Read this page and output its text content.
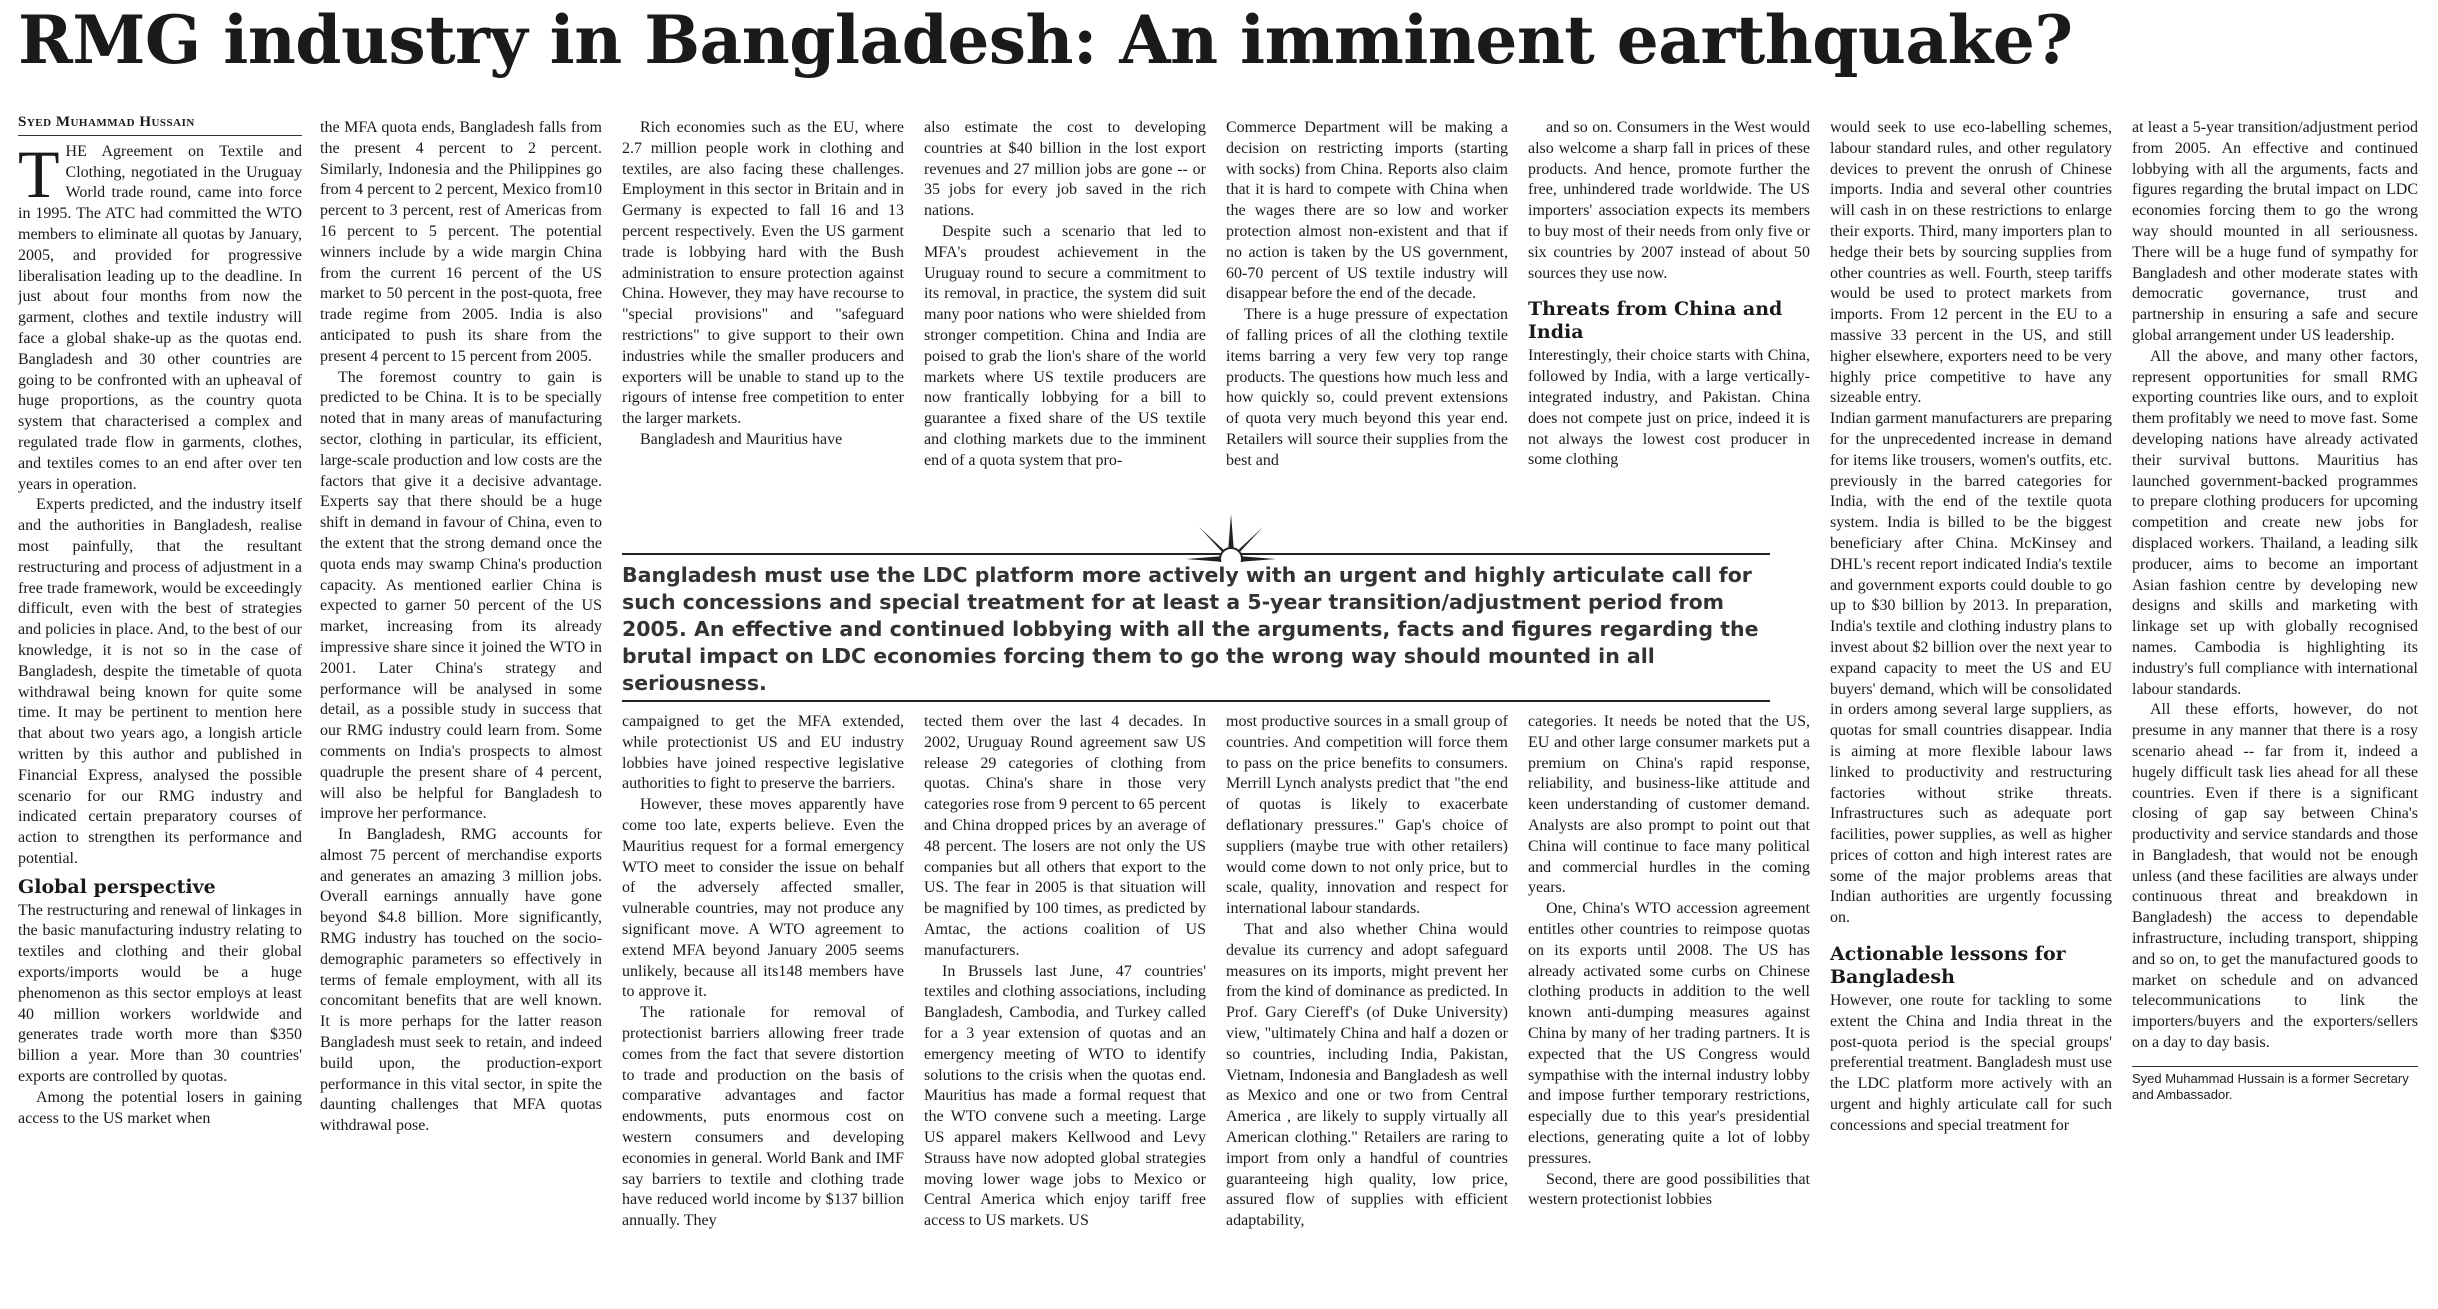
RMG industry in Bangladesh: An imminent earthquake?
Syed Muhammad Hussain

THE Agreement on Textile and Clothing, negotiated in the Uruguay World trade round, came into force in 1995. The ATC had committed the WTO members to eliminate all quotas by January, 2005, and provided for progressive liberalisation leading up to the deadline. In just about four months from now the garment, clothes and textile industry will face a global shake-up as the quotas end. Bangladesh and 30 other countries are going to be confronted with an upheaval of huge proportions, as the country quota system that characterised a complex and regulated trade flow in garments, clothes, and textiles comes to an end after over ten years in operation.

Experts predicted, and the industry itself and the authorities in Bangladesh, realise most painfully, that the resultant restructuring and process of adjustment in a free trade framework, would be exceedingly difficult, even with the best of strategies and policies in place. And, to the best of our knowledge, it is not so in the case of Bangladesh, despite the timetable of quota withdrawal being known for quite some time. It may be pertinent to mention here that about two years ago, a longish article written by this author and published in Financial Express, analysed the possible scenario for our RMG industry and indicated certain preparatory courses of action to strengthen its performance and potential.

Global perspective

The restructuring and renewal of linkages in the basic manufacturing industry relating to textiles and clothing and their global exports/imports would be a huge phenomenon as this sector employs at least 40 million workers worldwide and generates trade worth more than $350 billion a year. More than 30 countries' exports are controlled by quotas.

Among the potential losers in gaining access to the US market when

the MFA quota ends, Bangladesh falls from the present 4 percent to 2 percent. Similarly, Indonesia and the Philippines go from 4 percent to 2 percent, Mexico from10 percent to 3 percent, rest of Americas from 16 percent to 5 percent. The potential winners include by a wide margin China from the current 16 percent of the US market to 50 percent in the post-quota, free trade regime from 2005. India is also anticipated to push its share from the present 4 percent to 15 percent from 2005.

The foremost country to gain is predicted to be China. It is to be specially noted that in many areas of manufacturing sector, clothing in particular, its efficient, large-scale production and low costs are the factors that give it a decisive advantage. Experts say that there should be a huge shift in demand in favour of China, even to the extent that the strong demand once the quota ends may swamp China's production capacity. As mentioned earlier China is expected to garner 50 percent of the US market, increasing from its already impressive share since it joined the WTO in 2001. Later China's strategy and performance will be analysed in some detail, as a possible study in success that our RMG industry could learn from. Some comments on India's prospects to almost quadruple the present share of 4 percent, will also be helpful for Bangladesh to improve her performance.

In Bangladesh, RMG accounts for almost 75 percent of merchandise exports and generates an amazing 3 million jobs. Overall earnings annually have gone beyond $4.8 billion. More significantly, RMG industry has touched on the socio-demographic parameters so effectively in terms of female employment, with all its concomitant benefits that are well known. It is more perhaps for the latter reason Bangladesh must seek to retain, and indeed build upon, the production-export performance in this vital sector, in spite the daunting challenges that MFA quotas withdrawal pose.

Rich economies such as the EU, where 2.7 million people work in clothing and textiles, are also facing these challenges. Employment in this sector in Britain and in Germany is expected to fall 16 and 13 percent respectively. Even the US garment trade is lobbying hard with the Bush administration to ensure protection against China. However, they may have recourse to "special provisions" and "safeguard restrictions" to give support to their own industries while the smaller producers and exporters will be unable to stand up to the rigours of intense free competition to enter the larger markets.

Bangladesh and Mauritius have

also estimate the cost to developing countries at $40 billion in the lost export revenues and 27 million jobs are gone -- or 35 jobs for every job saved in the rich nations.

Despite such a scenario that led to MFA's proudest achievement in the Uruguay round to secure a commitment to its removal, in practice, the system did suit many poor nations who were shielded from stronger competition. China and India are poised to grab the lion's share of the world markets where US textile producers are now frantically lobbying for a bill to guarantee a fixed share of the US textile and clothing markets due to the imminent end of a quota system that pro-

Commerce Department will be making a decision on restricting imports (starting with socks) from China. Reports also claim that it is hard to compete with China when the wages there are so low and worker protection almost non-existent and that if no action is taken by the US government, 60-70 percent of US textile industry will disappear before the end of the decade.

There is a huge pressure of expectation of falling prices of all the clothing textile items barring a very few very top range products. The questions how much less and how quickly so, could prevent extensions of quota very much beyond this year end. Retailers will source their supplies from the best and

and so on. Consumers in the West would also welcome a sharp fall in prices of these products. And hence, promote further the free, unhindered trade worldwide. The US importers' association expects its members to buy most of their needs from only five or six countries by 2007 instead of about 50 sources they use now.

Threats from China and India

Interestingly, their choice starts with China, followed by India, with a large vertically-integrated industry, and Pakistan. China does not compete just on price, indeed it is not always the lowest cost producer in some clothing

Bangladesh must use the LDC platform more actively with an urgent and highly articulate call for such concessions and special treatment for at least a 5-year transition/adjustment period from 2005. An effective and continued lobbying with all the arguments, facts and figures regarding the brutal impact on LDC economies forcing them to go the wrong way should mounted in all seriousness.

campaigned to get the MFA extended, while protectionist US and EU industry lobbies have joined respective legislative authorities to fight to preserve the barriers.

However, these moves apparently have come too late, experts believe. Even the Mauritius request for a formal emergency WTO meet to consider the issue on behalf of the adversely affected smaller, vulnerable countries, may not produce any significant move. A WTO agreement to extend MFA beyond January 2005 seems unlikely, because all its148 members have to approve it.

The rationale for removal of protectionist barriers allowing freer trade comes from the fact that severe distortion to trade and production on the basis of comparative advantages and factor endowments, puts enormous cost on western consumers and developing economies in general. World Bank and IMF say barriers to textile and clothing trade have reduced world income by $137 billion annually. They

tected them over the last 4 decades. In 2002, Uruguay Round agreement saw US release 29 categories of clothing from quotas. China's share in those very categories rose from 9 percent to 65 percent and China dropped prices by an average of 48 percent. The losers are not only the US companies but all others that export to the US. The fear in 2005 is that situation will be magnified by 100 times, as predicted by Amtac, the actions coalition of US manufacturers.

In Brussels last June, 47 countries' textiles and clothing associations, including Bangladesh, Cambodia, and Turkey called for a 3 year extension of quotas and an emergency meeting of WTO to identify solutions to the crisis when the quotas end. Mauritius has made a formal request that the WTO convene such a meeting. Large US apparel makers Kellwood and Levy Strauss have now adopted global strategies moving lower wage jobs to Mexico or Central America which enjoy tariff free access to US markets. US

most productive sources in a small group of countries. And competition will force them to pass on the price benefits to consumers. Merrill Lynch analysts predict that "the end of quotas is likely to exacerbate deflationary pressures." Gap's choice of suppliers (maybe true with other retailers) would come down to not only price, but to scale, quality, innovation and respect for international labour standards.

That and also whether China would devalue its currency and adopt safeguard measures on its imports, might prevent her from the kind of dominance as predicted. In Prof. Gary Ciereff's (of Duke University) view, "ultimately China and half a dozen or so countries, including India, Pakistan, Vietnam, Indonesia and Bangladesh as well as Mexico and one or two from Central America , are likely to supply virtually all American clothing." Retailers are raring to import from only a handful of countries guaranteeing high quality, low price, assured flow of supplies with efficient adaptability,

categories. It needs be noted that the US, EU and other large consumer markets put a premium on China's rapid response, reliability, and business-like attitude and keen understanding of customer demand. Analysts are also prompt to point out that China will continue to face many political and commercial hurdles in the coming years.

One, China's WTO accession agreement entitles other countries to reimpose quotas on its exports until 2008. The US has already activated some curbs on Chinese clothing products in addition to the well known anti-dumping measures against China by many of her trading partners. It is expected that the US Congress would sympathise with the internal industry lobby and impose further temporary restrictions, especially due to this year's presidential elections, generating quite a lot of lobby pressures.

Second, there are good possibilities that western protectionist lobbies

would seek to use eco-labelling schemes, labour standard rules, and other regulatory devices to prevent the onrush of Chinese imports. India and several other countries will cash in on these restrictions to enlarge their exports. Third, many importers plan to hedge their bets by sourcing supplies from other countries as well. Fourth, steep tariffs would be used to protect markets from imports. From 12 percent in the EU to a massive 33 percent in the US, and still higher elsewhere, exporters need to be very highly price competitive to have any sizeable entry.

Indian garment manufacturers are preparing for the unprecedented increase in demand for items like trousers, women's outfits, etc. previously in the barred categories for India, with the end of the textile quota system. India is billed to be the biggest beneficiary after China. McKinsey and DHL's recent report indicated India's textile and government exports could double to go up to $30 billion by 2013. In preparation, India's textile and clothing industry plans to invest about $2 billion over the next year to expand capacity to meet the US and EU buyers' demand, which will be consolidated in orders among several large suppliers, as quotas for small countries disappear. India is aiming at more flexible labour laws linked to productivity and restructuring factories without strike threats. Infrastructures such as adequate port facilities, power supplies, as well as higher prices of cotton and high interest rates are some of the major problems areas that Indian authorities are urgently focussing on.

Actionable lessons for Bangladesh

However, one route for tackling to some extent the China and India threat in the post-quota period is the special groups' preferential treatment. Bangladesh must use the LDC platform more actively with an urgent and highly articulate call for such concessions and special treatment for

at least a 5-year transition/adjustment period from 2005. An effective and continued lobbying with all the arguments, facts and figures regarding the brutal impact on LDC economies forcing them to go the wrong way should mounted in all seriousness. There will be a huge fund of sympathy for Bangladesh and other moderate states with democratic governance, trust and partnership in ensuring a safe and secure global arrangement under US leadership.

All the above, and many other factors, represent opportunities for small RMG exporting countries like ours, and to exploit them profitably we need to move fast. Some developing nations have already activated their survival buttons. Mauritius has launched government-backed programmes to prepare clothing producers for upcoming competition and create new jobs for displaced workers. Thailand, a leading silk producer, aims to become an important Asian fashion centre by developing new designs and skills and marketing with linkage set up with globally recognised names. Cambodia is highlighting its industry's full compliance with international labour standards.

All these efforts, however, do not presume in any manner that there is a rosy scenario ahead -- far from it, indeed a hugely difficult task lies ahead for all these countries. Even if there is a significant closing of gap say between China's productivity and service standards and those in Bangladesh, that would not be enough unless (and these facilities are always under continuous threat and breakdown in Bangladesh) the access to dependable infrastructure, including transport, shipping and so on, to get the manufactured goods to market on schedule and on advanced telecommunications to link the importers/buyers and the exporters/sellers on a day to day basis.

Syed Muhammad Hussain is a former Secretary and Ambassador.
